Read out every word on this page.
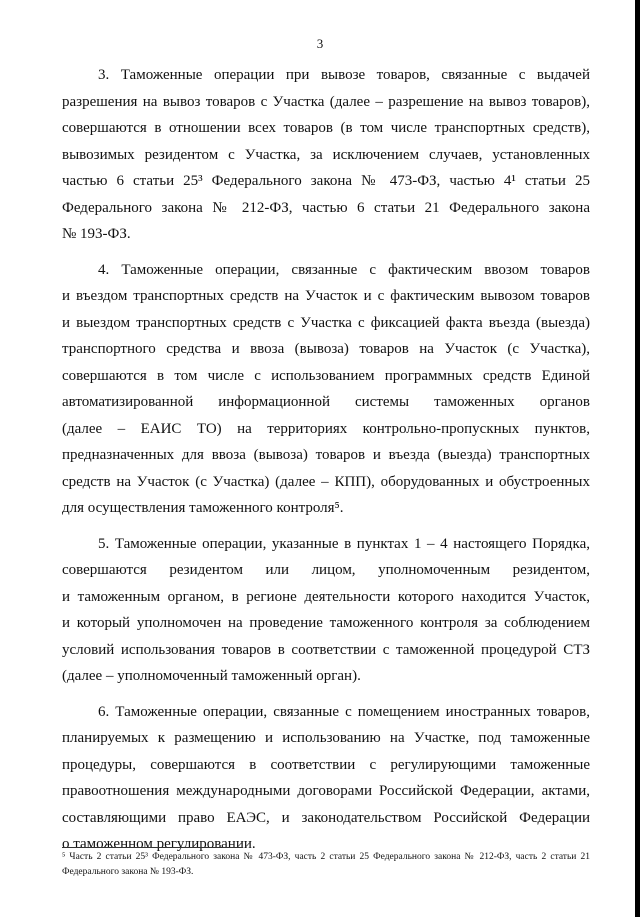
3
3. Таможенные операции при вывозе товаров, связанные с выдачей
разрешения на вывоз товаров с Участка (далее – разрешение на вывоз товаров),
совершаются в отношении всех товаров (в том числе транспортных средств),
вывозимых резидентом с Участка, за исключением случаев, установленных
частью 6 статьи 25³ Федерального закона № 473-ФЗ, частью 4¹ статьи 25
Федерального закона № 212-ФЗ, частью 6 статьи 21 Федерального закона
№ 193-ФЗ.
4. Таможенные операции, связанные с фактическим ввозом товаров
и въездом транспортных средств на Участок и с фактическим вывозом товаров
и выездом транспортных средств с Участка с фиксацией факта въезда (выезда)
транспортного средства и ввоза (вывоза) товаров на Участок (с Участка),
совершаются в том числе с использованием программных средств Единой
автоматизированной информационной системы таможенных органов
(далее – ЕАИС ТО) на территориях контрольно-пропускных пунктов,
предназначенных для ввоза (вывоза) товаров и въезда (выезда) транспортных
средств на Участок (с Участка) (далее – КПП), оборудованных и обустроенных
для осуществления таможенного контроля⁵.
5. Таможенные операции, указанные в пунктах 1 – 4 настоящего Порядка,
совершаются резидентом или лицом, уполномоченным резидентом,
и таможенным органом, в регионе деятельности которого находится Участок,
и который уполномочен на проведение таможенного контроля за соблюдением
условий использования товаров в соответствии с таможенной процедурой СТЗ
(далее – уполномоченный таможенный орган).
6. Таможенные операции, связанные с помещением иностранных товаров,
планируемых к размещению и использованию на Участке, под таможенные
процедуры, совершаются в соответствии с регулирующими таможенные
правоотношения международными договорами Российской Федерации, актами,
составляющими право ЕАЭС, и законодательством Российской Федерации
о таможенном регулировании.
⁵ Часть 2 статьи 25³ Федерального закона № 473-ФЗ, часть 2 статьи 25 Федерального закона № 212-ФЗ, часть 2 статьи 21
Федерального закона № 193-ФЗ.
